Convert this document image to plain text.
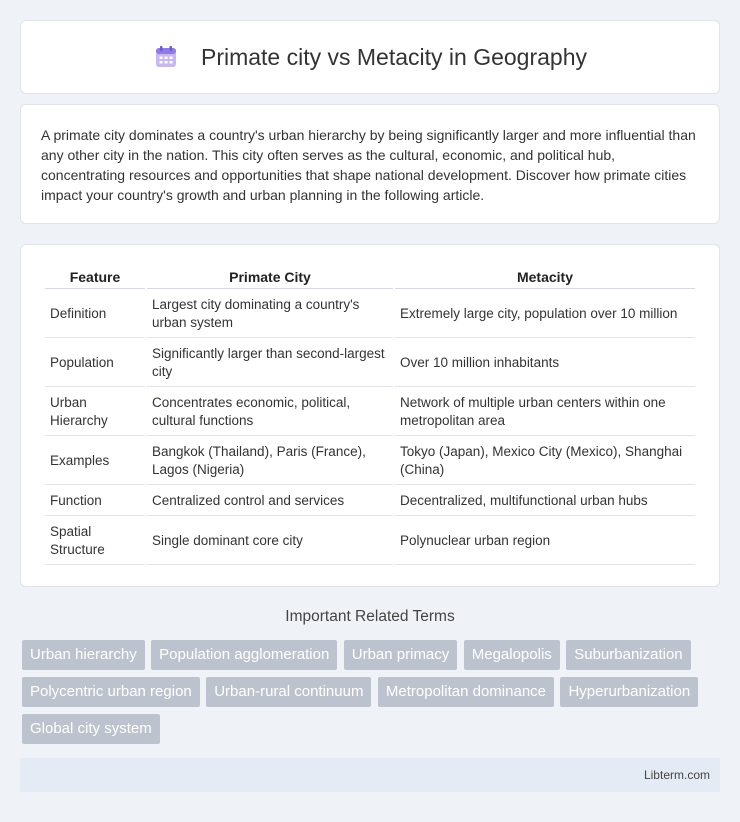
Primate city vs Metacity in Geography

A primate city dominates a country's urban hierarchy by being significantly larger and more influential than any other city in the nation. This city often serves as the cultural, economic, and political hub, concentrating resources and opportunities that shape national development. Discover how primate cities impact your country's growth and urban planning in the following article.

Feature	Primate City	Metacity
Definition	Largest city dominating a country's urban system	Extremely large city, population over 10 million
Population	Significantly larger than second-largest city	Over 10 million inhabitants
Urban Hierarchy	Concentrates economic, political, cultural functions	Network of multiple urban centers within one metropolitan area
Examples	Bangkok (Thailand), Paris (France), Lagos (Nigeria)	Tokyo (Japan), Mexico City (Mexico), Shanghai (China)
Function	Centralized control and services	Decentralized, multifunctional urban hubs
Spatial Structure	Single dominant core city	Polynuclear urban region
Important Related Terms
Urban hierarchy Population agglomeration Urban primacy Megalopolis Suburbanization Polycentric urban region Urban-rural continuum Metropolitan dominance Hyperurbanization Global city system
Libterm.com
